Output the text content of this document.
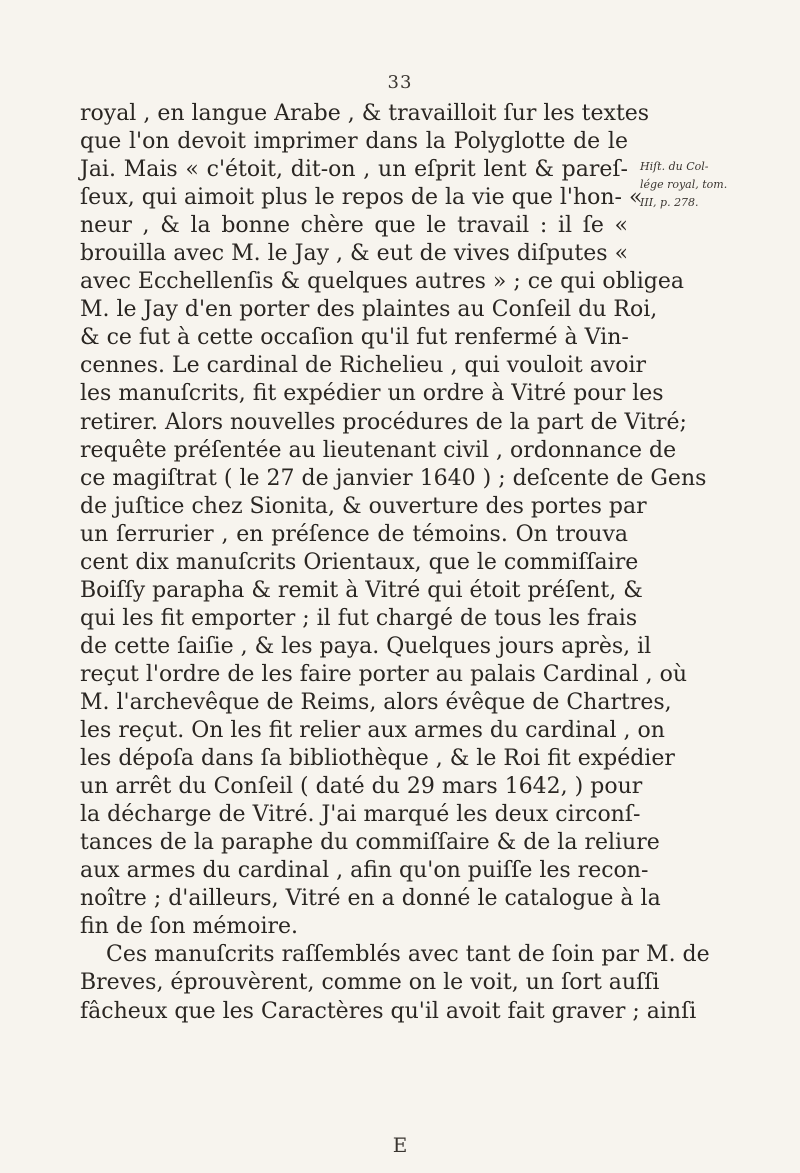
33
royal , en langue Arabe , & travailloit ſur les textes
que l'on devoit imprimer dans la Polyglotte de le
Jai. Mais « c'étoit, dit-on , un eſprit lent & pareſ-
ſeux, qui aimoit plus le repos de la vie que l'hon- «
neur , & la bonne chère que le travail : il ſe «
brouilla avec M. le Jay , & eut de vives diſputes «
avec Ecchellenſis & quelques autres » ; ce qui obligea
M. le Jay d'en porter des plaintes au Conſeil du Roi,
& ce fut à cette occaſion qu'il fut renfermé à Vin-
cennes. Le cardinal de Richelieu , qui vouloit avoir
les manuſcrits, fit expédier un ordre à Vitré pour les
retirer. Alors nouvelles procédures de la part de Vitré;
requête préſentée au lieutenant civil , ordonnance de
ce magiſtrat ( le 27 de janvier 1640 ) ; deſcente de Gens
de juſtice chez Sionita, & ouverture des portes par
un ſerrurier , en préſence de témoins. On trouva
cent dix manuſcrits Orientaux, que le commiſſaire
Boiſſy parapha & remit à Vitré qui étoit préſent, &
qui les fit emporter ; il fut chargé de tous les frais
de cette ſaiſie , & les paya. Quelques jours après, il
reçut l'ordre de les faire porter au palais Cardinal , où
M. l'archevêque de Reims, alors évêque de Chartres,
les reçut. On les fit relier aux armes du cardinal , on
les dépoſa dans ſa bibliothèque , & le Roi fit expédier
un arrêt du Conſeil ( daté du 29 mars 1642, ) pour
la décharge de Vitré. J'ai marqué les deux circonſ-
tances de la paraphe du commiſſaire & de la reliure
aux armes du cardinal , afin qu'on puiſſe les recon-
noître ; d'ailleurs, Vitré en a donné le catalogue à la
fin de ſon mémoire.
Ces manuſcrits raſſemblés avec tant de ſoin par M. de
Breves, éprouvèrent, comme on le voit, un ſort auſſi
fâcheux que les Caractères qu'il avoit fait graver ; ainſi
Hiſt. du Col-
lége royal, tom.
III, p. 278.
E
